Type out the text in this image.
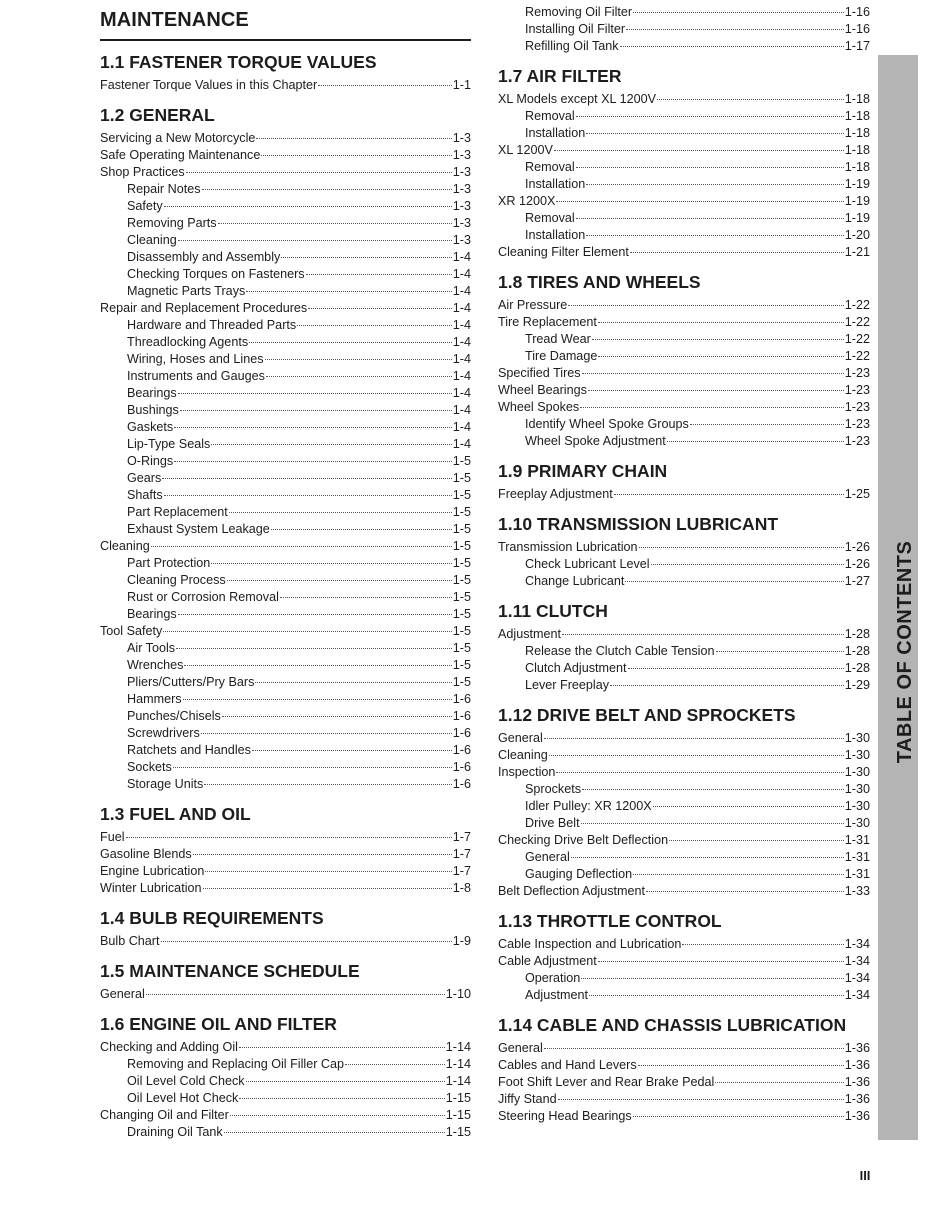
MAINTENANCE
1.1 FASTENER TORQUE VALUES
Fastener Torque Values in this Chapter	1-1
1.2 GENERAL
Servicing a New Motorcycle	1-3
Safe Operating Maintenance	1-3
Shop Practices	1-3
Repair Notes	1-3
Safety	1-3
Removing Parts	1-3
Cleaning	1-3
Disassembly and Assembly	1-4
Checking Torques on Fasteners	1-4
Magnetic Parts Trays	1-4
Repair and Replacement Procedures	1-4
Hardware and Threaded Parts	1-4
Threadlocking Agents	1-4
Wiring, Hoses and Lines	1-4
Instruments and Gauges	1-4
Bearings	1-4
Bushings	1-4
Gaskets	1-4
Lip-Type Seals	1-4
O-Rings	1-5
Gears	1-5
Shafts	1-5
Part Replacement	1-5
Exhaust System Leakage	1-5
Cleaning	1-5
Part Protection	1-5
Cleaning Process	1-5
Rust or Corrosion Removal	1-5
Bearings	1-5
Tool Safety	1-5
Air Tools	1-5
Wrenches	1-5
Pliers/Cutters/Pry Bars	1-5
Hammers	1-6
Punches/Chisels	1-6
Screwdrivers	1-6
Ratchets and Handles	1-6
Sockets	1-6
Storage Units	1-6
1.3 FUEL AND OIL
Fuel	1-7
Gasoline Blends	1-7
Engine Lubrication	1-7
Winter Lubrication	1-8
1.4 BULB REQUIREMENTS
Bulb Chart	1-9
1.5 MAINTENANCE SCHEDULE
General	1-10
1.6 ENGINE OIL AND FILTER
Checking and Adding Oil	1-14
Removing and Replacing Oil Filler Cap	1-14
Oil Level Cold Check	1-14
Oil Level Hot Check	1-15
Changing Oil and Filter	1-15
Draining Oil Tank	1-15
Removing Oil Filter	1-16
Installing Oil Filter	1-16
Refilling Oil Tank	1-17
1.7 AIR FILTER
XL Models except XL 1200V	1-18
Removal	1-18
Installation	1-18
XL 1200V	1-18
Removal	1-18
Installation	1-19
XR 1200X	1-19
Removal	1-19
Installation	1-20
Cleaning Filter Element	1-21
1.8 TIRES AND WHEELS
Air Pressure	1-22
Tire Replacement	1-22
Tread Wear	1-22
Tire Damage	1-22
Specified Tires	1-23
Wheel Bearings	1-23
Wheel Spokes	1-23
Identify Wheel Spoke Groups	1-23
Wheel Spoke Adjustment	1-23
1.9 PRIMARY CHAIN
Freeplay Adjustment	1-25
1.10 TRANSMISSION LUBRICANT
Transmission Lubrication	1-26
Check Lubricant Level	1-26
Change Lubricant	1-27
1.11 CLUTCH
Adjustment	1-28
Release the Clutch Cable Tension	1-28
Clutch Adjustment	1-28
Lever Freeplay	1-29
1.12 DRIVE BELT AND SPROCKETS
General	1-30
Cleaning	1-30
Inspection	1-30
Sprockets	1-30
Idler Pulley: XR 1200X	1-30
Drive Belt	1-30
Checking Drive Belt Deflection	1-31
General	1-31
Gauging Deflection	1-31
Belt Deflection Adjustment	1-33
1.13 THROTTLE CONTROL
Cable Inspection and Lubrication	1-34
Cable Adjustment	1-34
Operation	1-34
Adjustment	1-34
1.14 CABLE AND CHASSIS LUBRICATION
General	1-36
Cables and Hand Levers	1-36
Foot Shift Lever and Rear Brake Pedal	1-36
Jiffy Stand	1-36
Steering Head Bearings	1-36
TABLE OF CONTENTS
III
